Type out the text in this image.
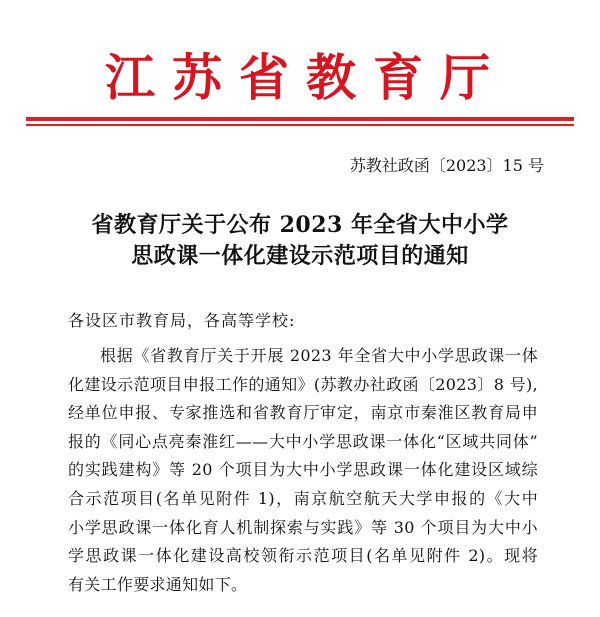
江苏省教育厅
苏教社政函〔2023〕15 号
省教育厅关于公布 2023 年全省大中小学
思政课一体化建设示范项目的通知
各设区市教育局，各高等学校:
根据《省教育厅关于开展 2023 年全省大中小学思政课一体
化建设示范项目申报工作的通知》(苏教办社政函〔2023〕8 号),
经单位申报、专家推选和省教育厅审定，南京市秦淮区教育局申
报的《同心点亮秦淮红——大中小学思政课一体化“区域共同体”
的实践建构》等 20 个项目为大中小学思政课一体化建设区域综
合示范项目(名单见附件 1)，南京航空航天大学申报的《大中
小学思政课一体化育人机制探索与实践》等 30 个项目为大中小
学思政课一体化建设高校领衔示范项目(名单见附件 2)。现将
有关工作要求通知如下。
